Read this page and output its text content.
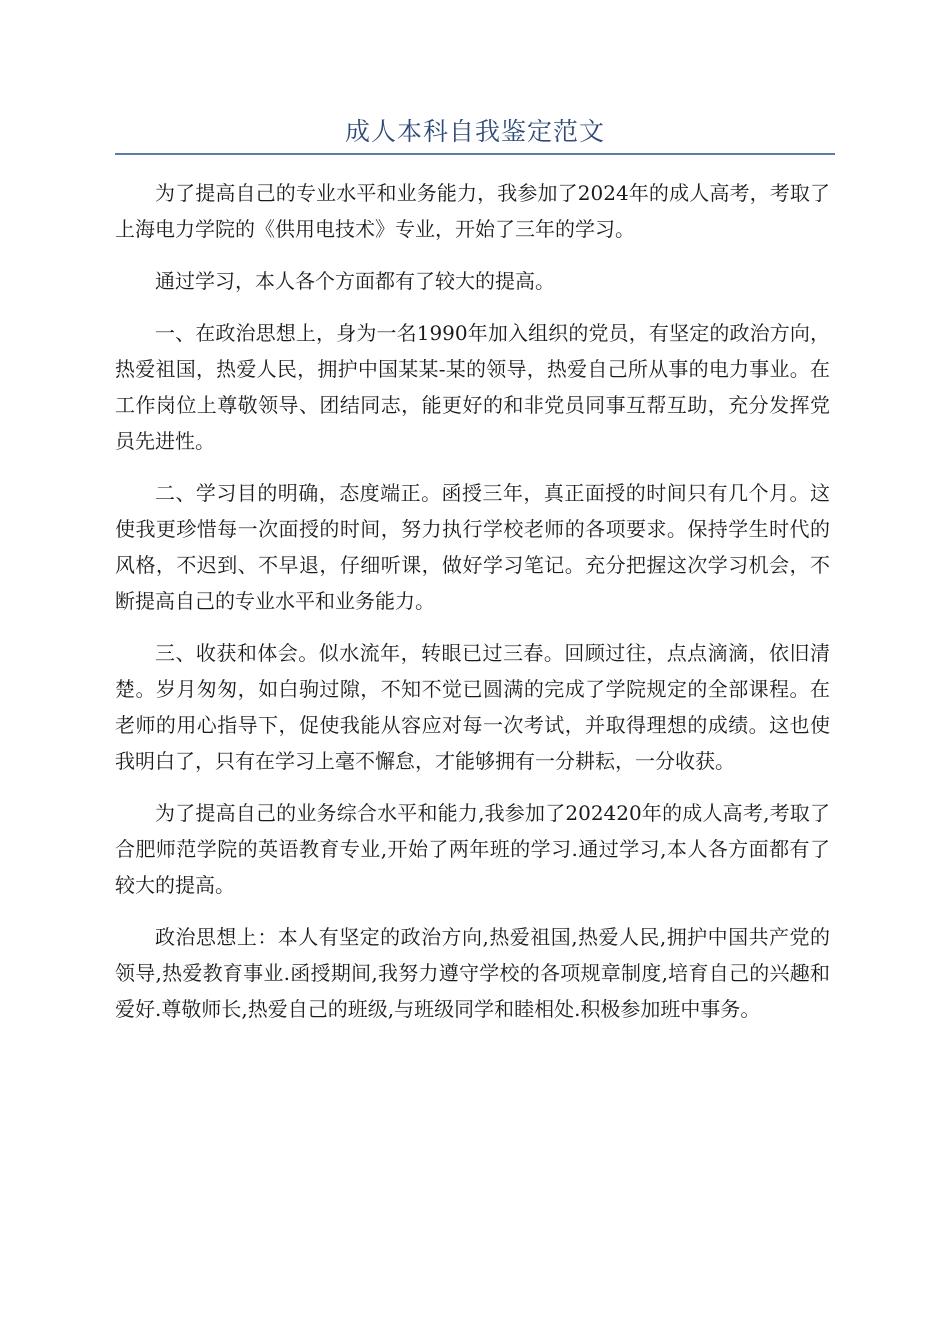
成人本科自我鉴定范文

为了提高自己的专业水平和业务能力，我参加了2024年的成人高考，考取了上海电力学院的《供用电技术》专业，开始了三年的学习。

通过学习，本人各个方面都有了较大的提高。

一、在政治思想上，身为一名1990年加入组织的党员，有坚定的政治方向，热爱祖国，热爱人民，拥护中国某某-某的领导，热爱自己所从事的电力事业。在工作岗位上尊敬领导、团结同志，能更好的和非党员同事互帮互助，充分发挥党员先进性。

二、学习目的明确，态度端正。函授三年，真正面授的时间只有几个月。这使我更珍惜每一次面授的时间，努力执行学校老师的各项要求。保持学生时代的风格，不迟到、不早退，仔细听课，做好学习笔记。充分把握这次学习机会，不断提高自己的专业水平和业务能力。

三、收获和体会。似水流年，转眼已过三春。回顾过往，点点滴滴，依旧清楚。岁月匆匆，如白驹过隙，不知不觉已圆满的完成了学院规定的全部课程。在老师的用心指导下，促使我能从容应对每一次考试，并取得理想的成绩。这也使我明白了，只有在学习上毫不懈怠，才能够拥有一分耕耘，一分收获。

为了提高自己的业务综合水平和能力,我参加了202420年的成人高考,考取了合肥师范学院的英语教育专业,开始了两年班的学习.通过学习,本人各方面都有了较大的提高。

政治思想上：本人有坚定的政治方向,热爱祖国,热爱人民,拥护中国共产党的领导,热爱教育事业.函授期间,我努力遵守学校的各项规章制度,培育自己的兴趣和爱好.尊敬师长,热爱自己的班级,与班级同学和睦相处.积极参加班中事务。
